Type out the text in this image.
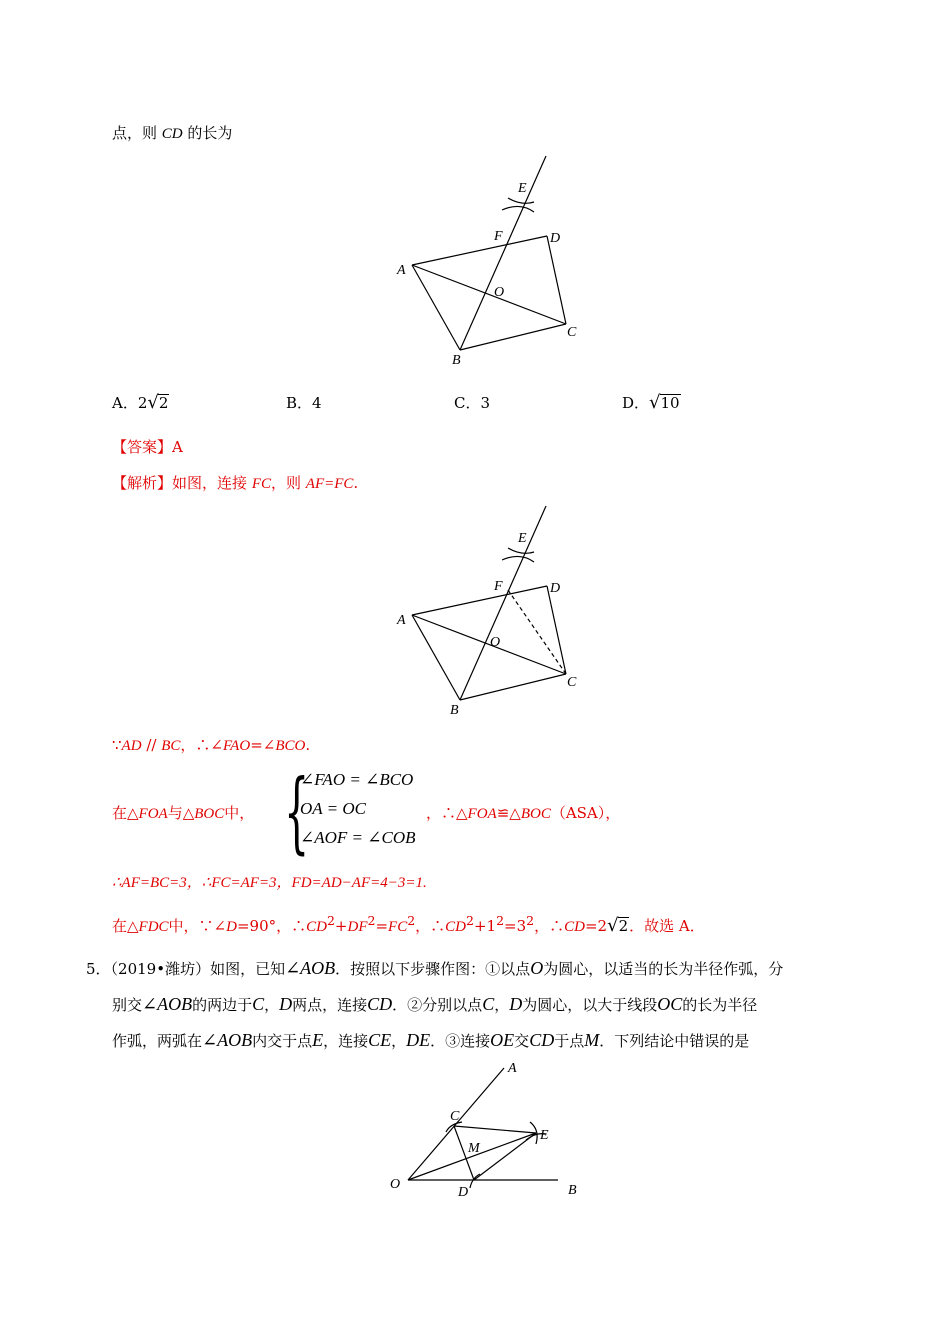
点，则 CD 的长为
E
F	D
A
O
C
B
A．2√2	B．4	C．3	D．√10
【答案】A
【解析】如图，连接 FC，则 AF=FC.
E
F	D
A
O
C
B
∵AD // BC，∴∠FAO=∠BCO.
在△FOA与△BOC中， {
∠FAO = ∠BCO
OA = OC
∠AOF = ∠COB
，∴△FOA≌△BOC（ASA），
∴AF=BC=3，∴FC=AF=3，FD=AD−AF=4−3=1.
在△FDC中，∵∠D=90°，$\therefore CD^2+DF^2=FC^2$，$\therefore CD^2+1^2=3^2$，∴CD=2√2．故选 A．
5．（2019•潍坊）如图，已知∠AOB．按照以下步骤作图：①以点O为圆心，以适当的长为半径作弧，分
别交∠AOB的两边于C，D两点，连接CD．②分别以点C，D为圆心，以大于线段OC的长为半径
作弧，两弧在∠AOB内交于点E，连接CE，DE．③连接OE交CD于点M．下列结论中错误的是
A
C
E
M
O
D	B
